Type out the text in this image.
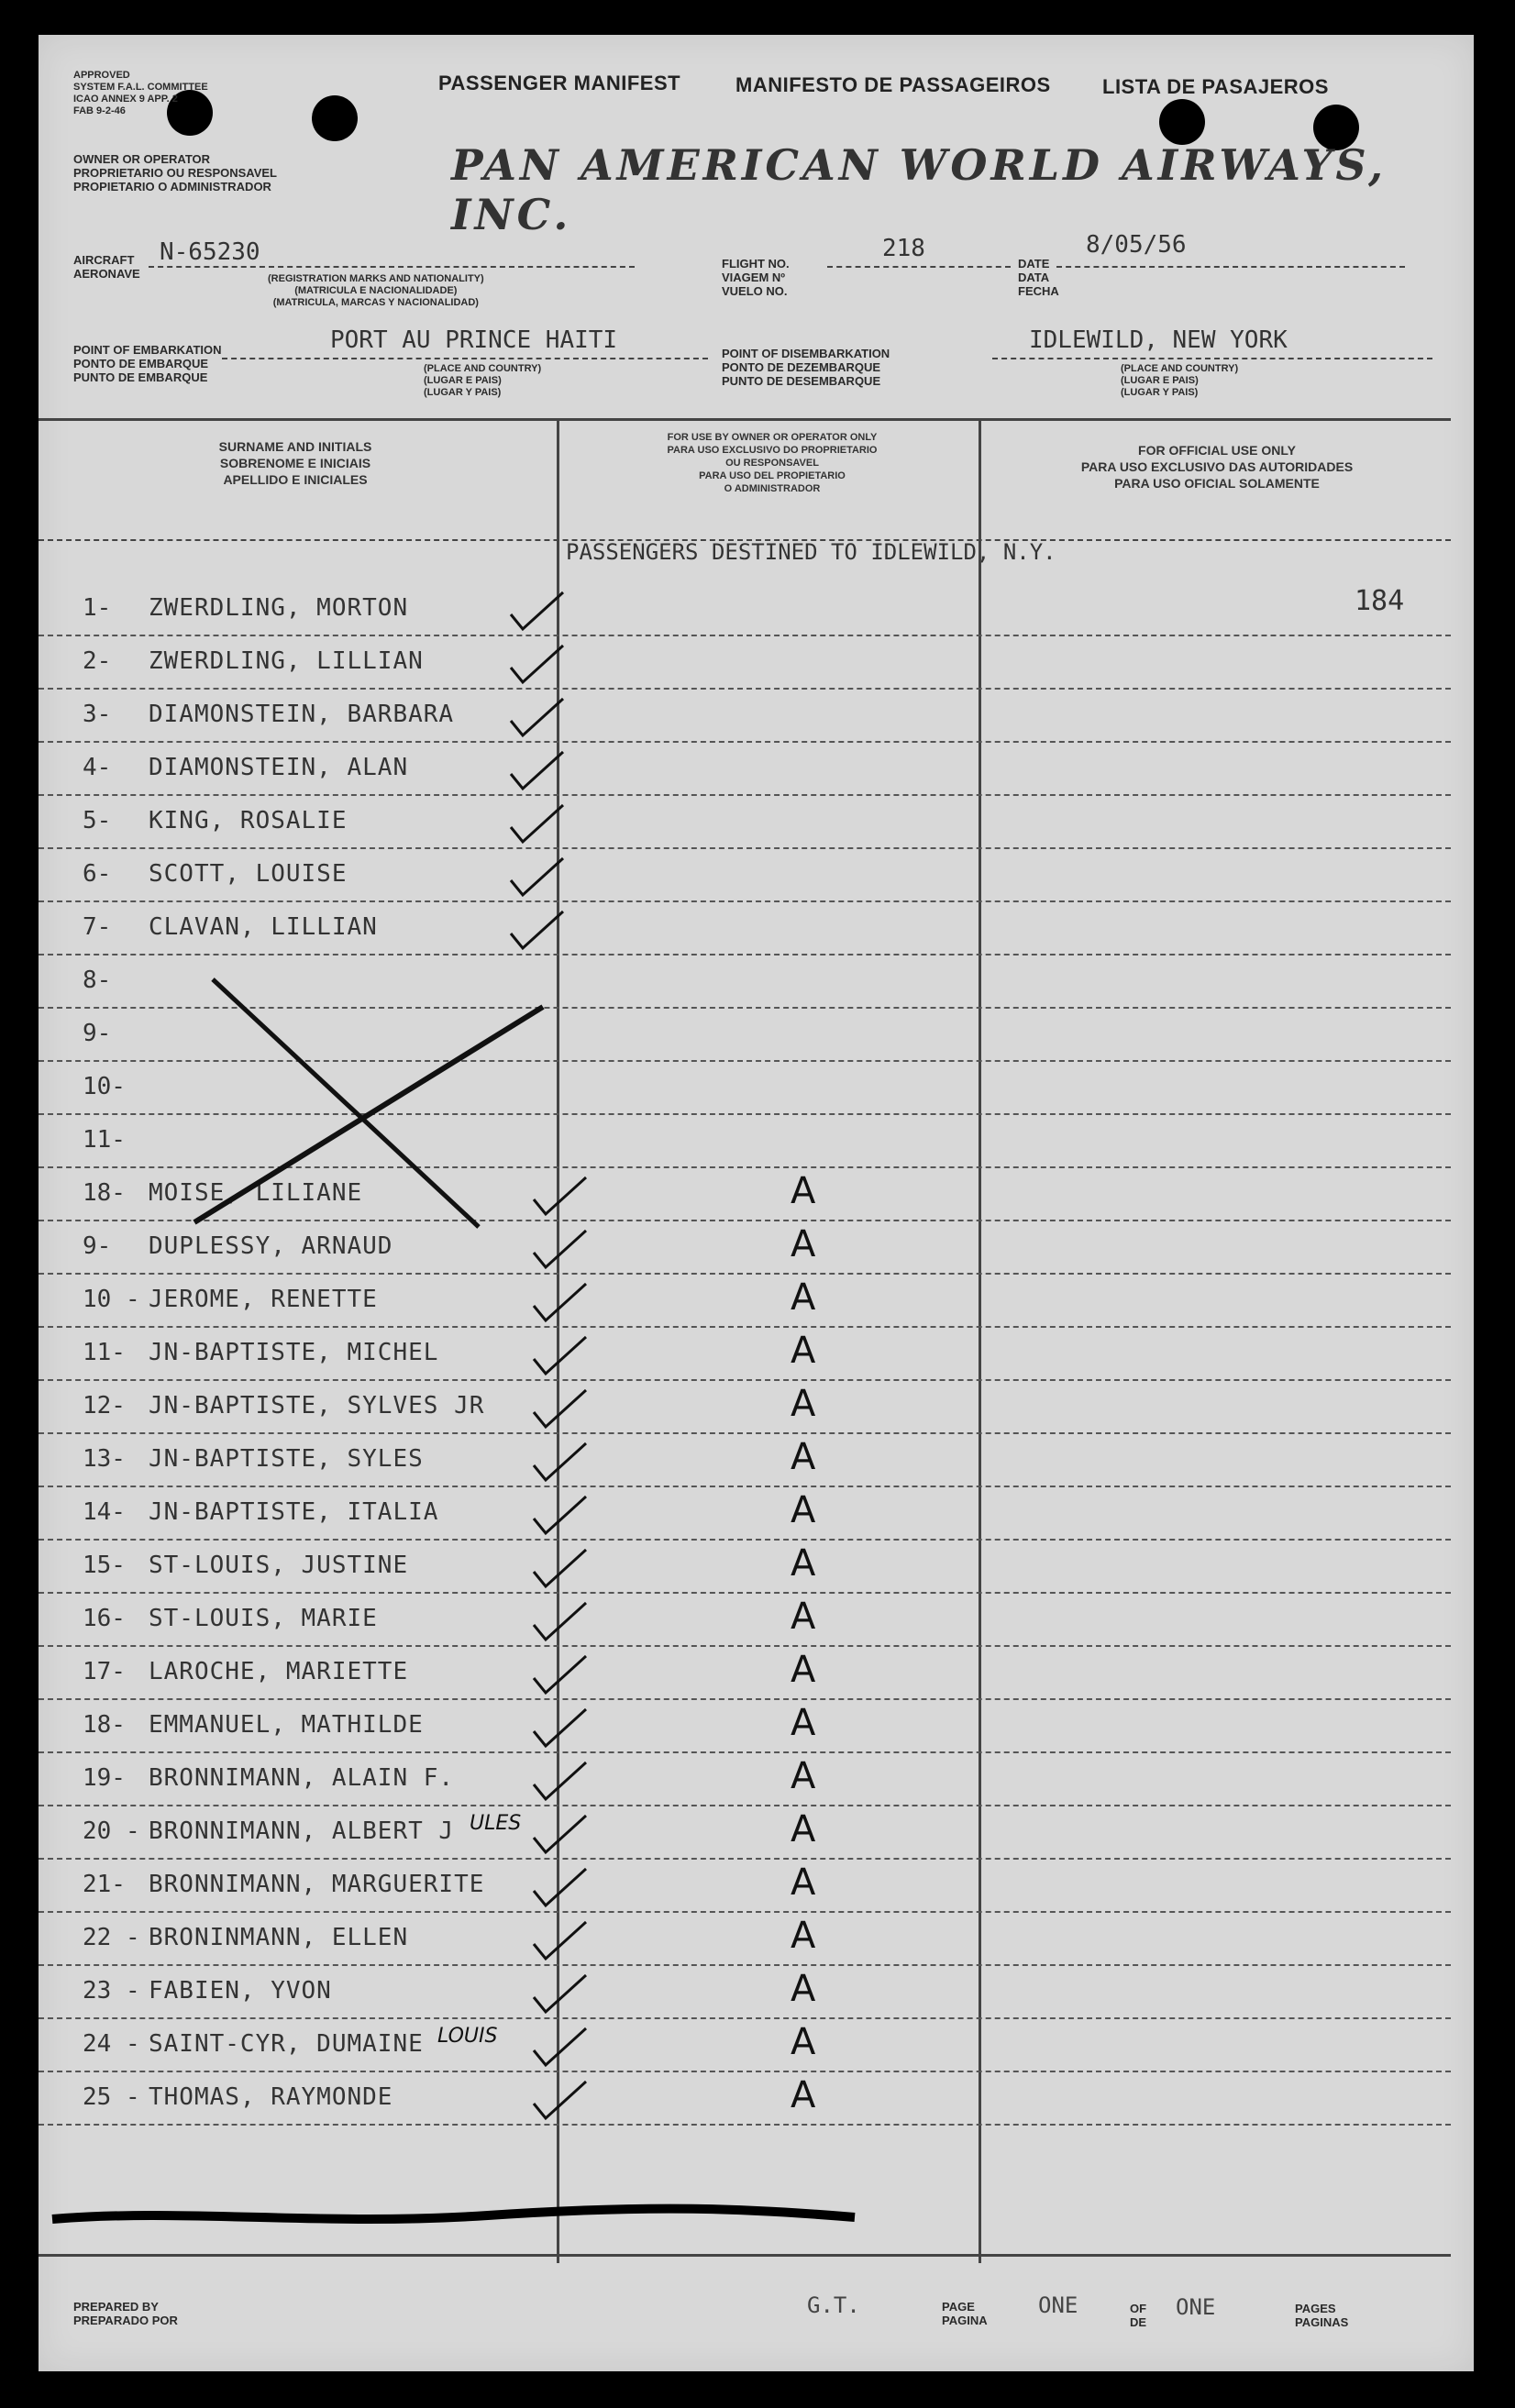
APPROVED
SYSTEM F.A.L. COMMITTEE
ICAO ANNEX 9 APP. 2
FAB 9-2-46
PASSENGER MANIFEST	MANIFESTO DE PASSAGEIROS	LISTA DE PASAJEROS
OWNER OR OPERATOR
PROPRIETARIO OU RESPONSAVEL
PROPIETARIO O ADMINISTRADOR	PAN AMERICAN WORLD AIRWAYS, INC.
AIRCRAFT
AERONAVE
N-65230
(REGISTRATION MARKS AND NATIONALITY)
(MATRICULA E NACIONALIDADE)
(MATRICULA, MARCAS Y NACIONALIDAD)
FLIGHT NO.
VIAGEM Nº
VUELO NO.
218
DATE
DATA
FECHA
8/05/56
POINT OF EMBARKATION
PONTO DE EMBARQUE
PUNTO DE EMBARQUE
PORT AU PRINCE HAITI
(PLACE AND COUNTRY)
(LUGAR E PAIS)
(LUGAR Y PAIS)
POINT OF DISEMBARKATION
PONTO DE DEZEMBARQUE
PUNTO DE DESEMBARQUE
IDLEWILD, NEW YORK
(PLACE AND COUNTRY)
(LUGAR E PAIS)
(LUGAR Y PAIS)
SURNAME AND INITIALS
SOBRENOME E INICIAIS
APELLIDO E INICIALES
FOR USE BY OWNER OR OPERATOR ONLY
PARA USO EXCLUSIVO DO PROPRIETARIO
OU RESPONSAVEL
PARA USO DEL PROPIETARIO
O ADMINISTRADOR
FOR OFFICIAL USE ONLY
PARA USO EXCLUSIVO DAS AUTORIDADES
PARA USO OFICIAL SOLAMENTE
PASSENGERS DESTINED TO IDLEWILD, N.Y.
184
1-	ZWERDLING, MORTON
2-	ZWERDLING, LILLIAN
3-	DIAMONSTEIN, BARBARA
4-	DIAMONSTEIN, ALAN
5-	KING, ROSALIE
6-	SCOTT, LOUISE
7-	CLAVAN, LILLIAN
8-
9-
10-
11-
18- MOISE, LILIANE	A
9-	DUPLESSY, ARNAUD	A
10 - JEROME, RENETTE	A
11- JN-BAPTISTE, MICHEL	A
12- JN-BAPTISTE, SYLVES JR	A
13- JN-BAPTISTE, SYLES	A
14- JN-BAPTISTE, ITALIA	A
15- ST-LOUIS, JUSTINE	A
16- ST-LOUIS, MARIE	A
17- LAROCHE, MARIETTE	A
18- EMMANUEL, MATHILDE	A
19- BRONNIMANN, ALAIN F.	A
20 - BRONNIMANN, ALBERT J ULES	A
21- BRONNIMANN, MARGUERITE	A
22 - BRONINMANN, ELLEN	A
23 - FABIEN, YVON	A
24 - SAINT-CYR, DUMAINE LOUIS	A
25 - THOMAS, RAYMONDE	A
PREPARED BY
PREPARADO POR
G.T.	PAGE
PAGINA
ONE	OF
DE
ONE	PAGES
PAGINAS
